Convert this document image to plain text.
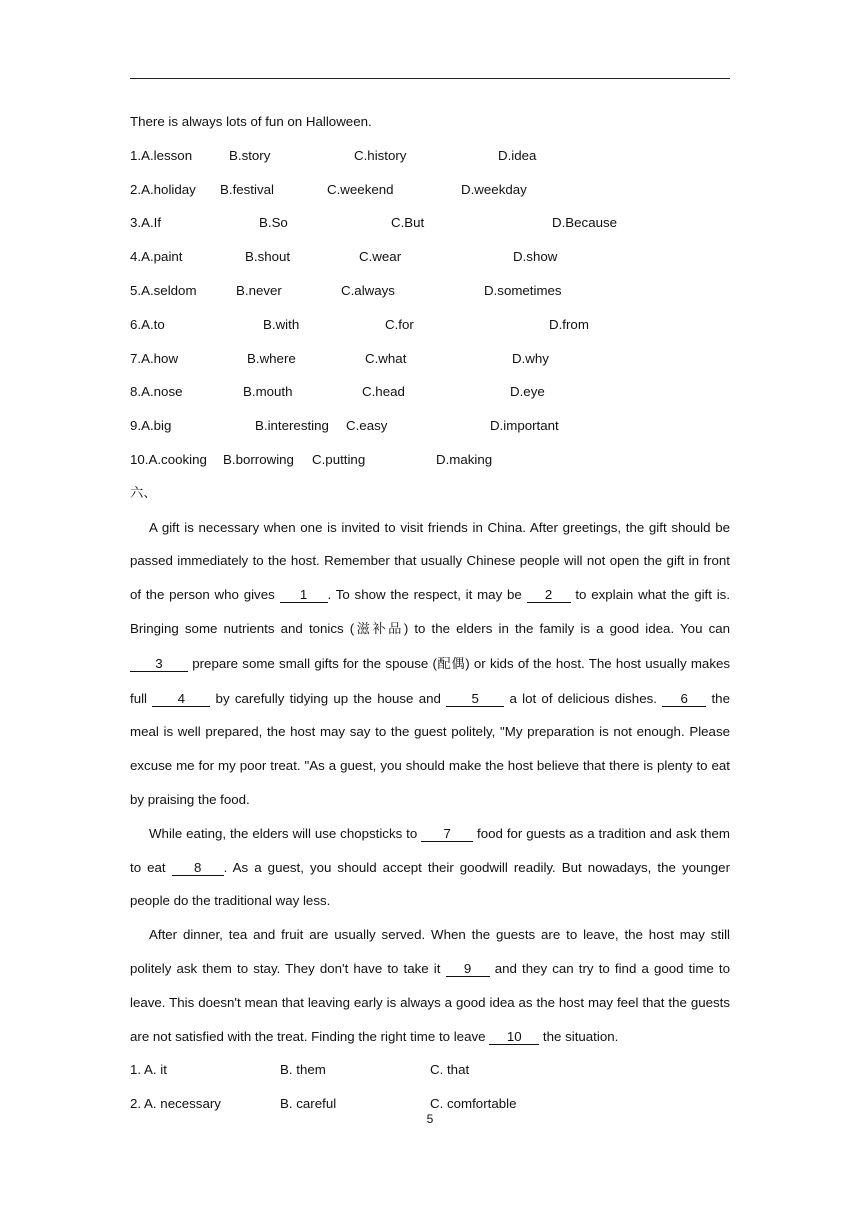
There is always lots of fun on Halloween.
1.A.lesson	B.story	C.history	D.idea
2.A.holiday B.festival	C.weekend	D.weekday
3.A.If	B.So	C.But	D.Because
4.A.paint	B.shout	C.wear	D.show
5.A.seldom	B.never	C.always	D.sometimes
6.A.to	B.with	C.for	D.from
7.A.how	B.where	C.what	D.why
8.A.nose	B.mouth	C.head	D.eye
9.A.big	B.interesting C.easy	D.important
10.A.cooking B.borrowing C.putting	D.making
六、
A gift is necessary when one is invited to visit friends in China. After greetings, the gift should be passed immediately to the host. Remember that usually Chinese people will not open the gift in front of the person who gives 1 . To show the respect, it may be 2 to explain what the gift is. Bringing some nutrients and tonics (滋补品) to the elders in the family is a good idea. You can 3 prepare some small gifts for the spouse (配偶) or kids of the host. The host usually makes full 4 by carefully tidying up the house and 5 a lot of delicious dishes. 6 the meal is well prepared, the host may say to the guest politely, "My preparation is not enough. Please excuse me for my poor treat. "As a guest, you should make the host believe that there is plenty to eat by praising the food.
While eating, the elders will use chopsticks to 7 food for guests as a tradition and ask them to eat 8 . As a guest, you should accept their goodwill readily. But nowadays, the younger people do the traditional way less.
After dinner, tea and fruit are usually served. When the guests are to leave, the host may still politely ask them to stay. They don't have to take it 9 and they can try to find a good time to leave. This doesn't mean that leaving early is always a good idea as the host may feel that the guests are not satisfied with the treat. Finding the right time to leave 10 the situation.
1. A. it	B. them	C. that
2. A. necessary	B. careful	C. comfortable
5
